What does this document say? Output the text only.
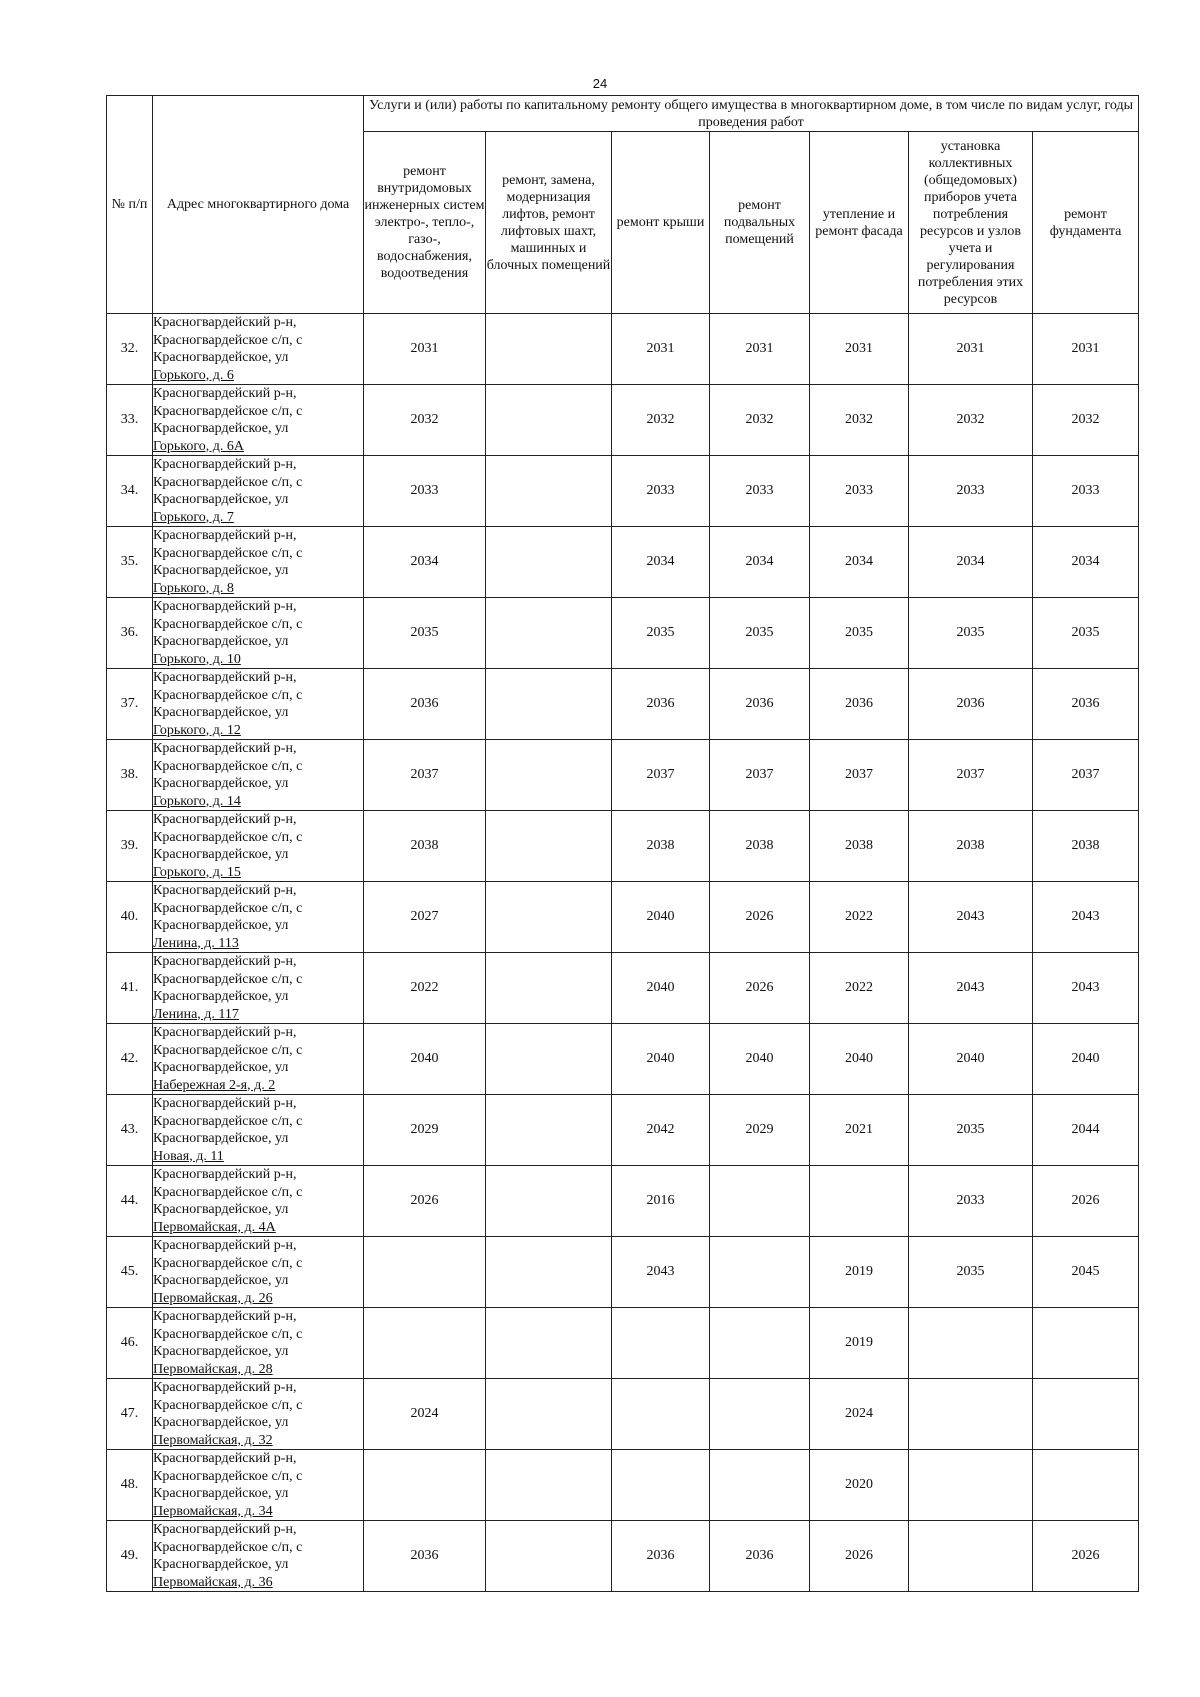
24
№ п/п	Адрес многоквартирного дома	Услуги и (или) работы по капитальному ремонту общего имущества в многоквартирном доме, в том числе по видам услуг, годы проведения работ						
		ремонт внутридомовых инженерных систем электро-, тепло-, газо-, водоснабжения, водоотведения	ремонт, замена, модернизация лифтов, ремонт лифтовых шахт, машинных и блочных помещений	ремонт крыши	ремонт подвальных помещений	утепление и ремонт фасада	установка коллективных (общедомовых) приборов учета потребления ресурсов и узлов учета и регулирования потребления этих ресурсов	ремонт фундамента
32.	Красногвардейский р-н,
Красногвардейское с/п, с
Красногвардейское, ул
Горького, д. 6	2031		2031	2031	2031	2031	2031
33.	Красногвардейский р-н,
Красногвардейское с/п, с
Красногвардейское, ул
Горького, д. 6А	2032		2032	2032	2032	2032	2032
34.	Красногвардейский р-н,
Красногвардейское с/п, с
Красногвардейское, ул
Горького, д. 7	2033		2033	2033	2033	2033	2033
35.	Красногвардейский р-н,
Красногвардейское с/п, с
Красногвардейское, ул
Горького, д. 8	2034		2034	2034	2034	2034	2034
36.	Красногвардейский р-н,
Красногвардейское с/п, с
Красногвардейское, ул
Горького, д. 10	2035		2035	2035	2035	2035	2035
37.	Красногвардейский р-н,
Красногвардейское с/п, с
Красногвардейское, ул
Горького, д. 12	2036		2036	2036	2036	2036	2036
38.	Красногвардейский р-н,
Красногвардейское с/п, с
Красногвардейское, ул
Горького, д. 14	2037		2037	2037	2037	2037	2037
39.	Красногвардейский р-н,
Красногвардейское с/п, с
Красногвардейское, ул
Горького, д. 15	2038		2038	2038	2038	2038	2038
40.	Красногвардейский р-н,
Красногвардейское с/п, с
Красногвардейское, ул
Ленина, д. 113	2027		2040	2026	2022	2043	2043
41.	Красногвардейский р-н,
Красногвардейское с/п, с
Красногвардейское, ул
Ленина, д. 117	2022		2040	2026	2022	2043	2043
42.	Красногвардейский р-н,
Красногвардейское с/п, с
Красногвардейское, ул
Набережная 2-я, д. 2	2040		2040	2040	2040	2040	2040
43.	Красногвардейский р-н,
Красногвардейское с/п, с
Красногвардейское, ул
Новая, д. 11	2029		2042	2029	2021	2035	2044
44.	Красногвардейский р-н,
Красногвардейское с/п, с
Красногвардейское, ул
Первомайская, д. 4А	2026		2016			2033	2026
45.	Красногвардейский р-н,
Красногвардейское с/п, с
Красногвардейское, ул
Первомайская, д. 26			2043		2019	2035	2045
46.	Красногвардейский р-н,
Красногвардейское с/п, с
Красногвардейское, ул
Первомайская, д. 28					2019		
47.	Красногвардейский р-н,
Красногвардейское с/п, с
Красногвардейское, ул
Первомайская, д. 32	2024				2024		
48.	Красногвардейский р-н,
Красногвардейское с/п, с
Красногвардейское, ул
Первомайская, д. 34					2020		
49.	Красногвардейский р-н,
Красногвардейское с/п, с
Красногвардейское, ул
Первомайская, д. 36	2036		2036	2036	2026		2026
